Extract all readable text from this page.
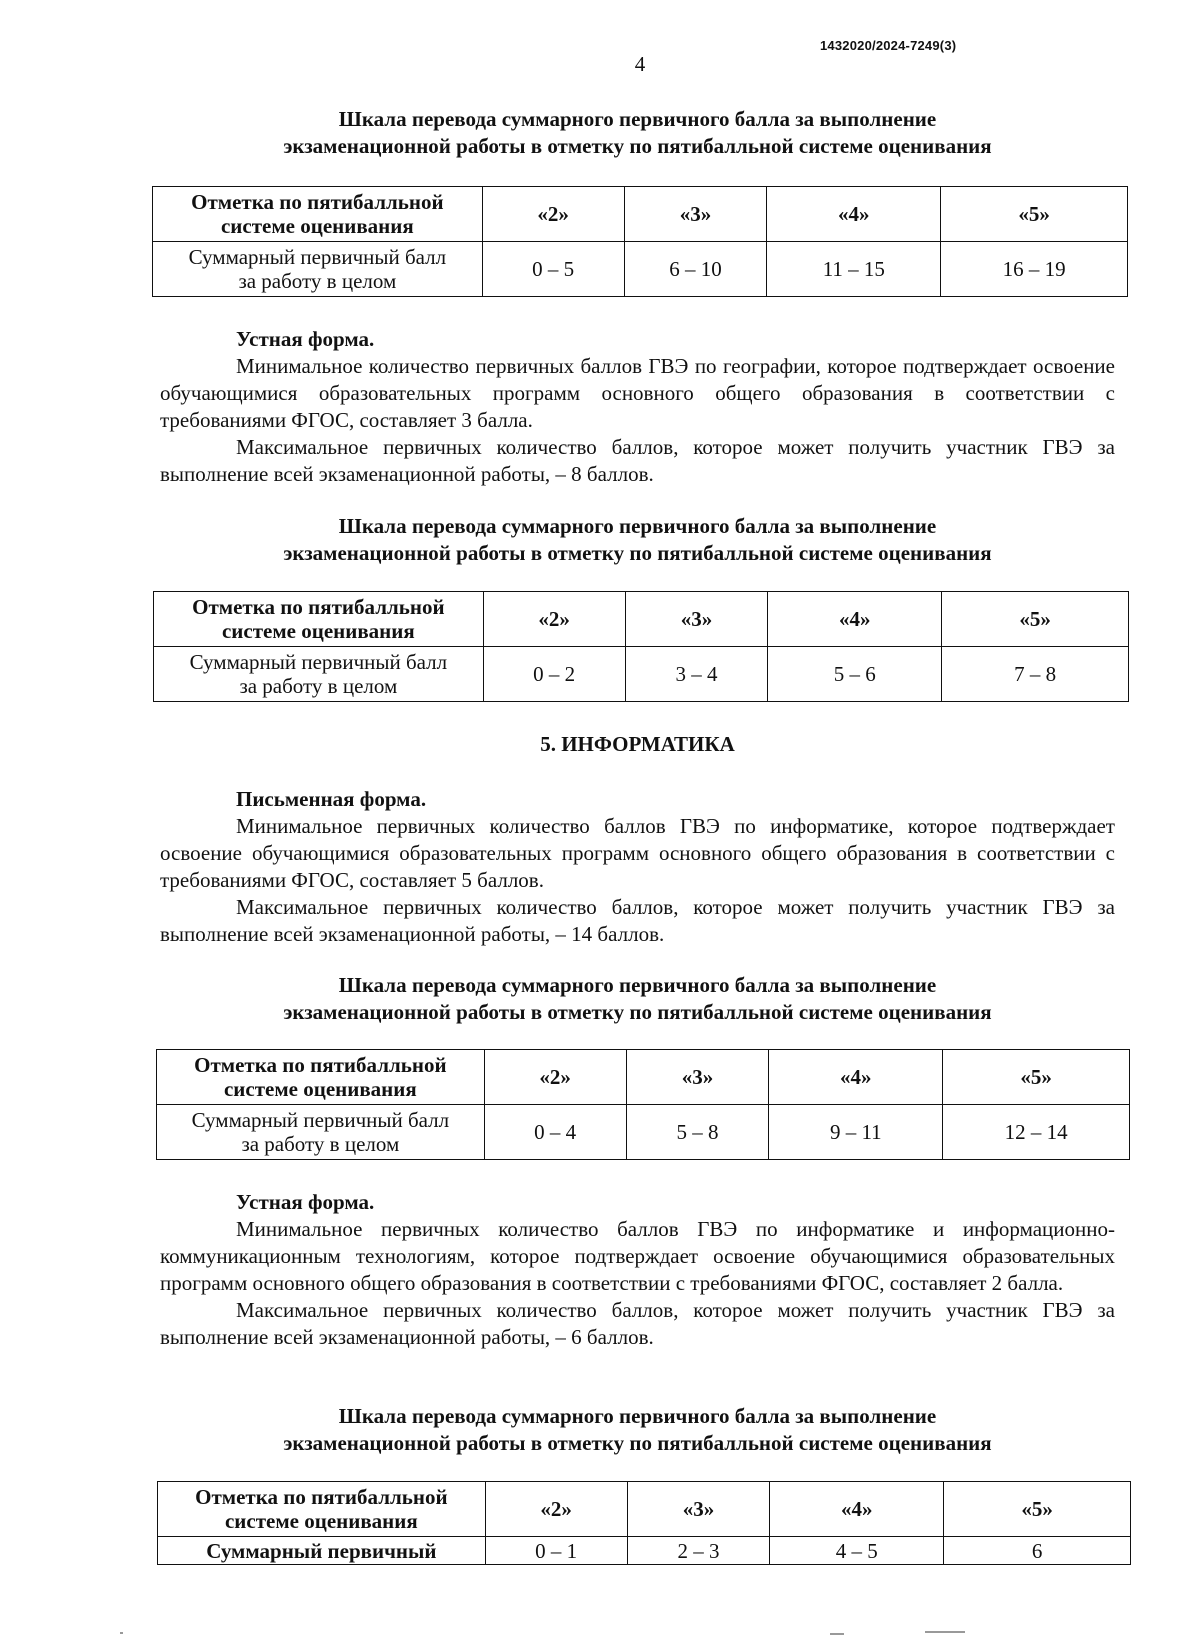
1432020/2024-7249(3)
4
Шкала перевода суммарного первичного балла за выполнение
экзаменационной работы в отметку по пятибалльной системе оценивания
Отметка по пятибалльной
системе оценивания	«2»	«3»	«4»	«5»
Суммарный первичный балл
за работу в целом	0 – 5	6 – 10	11 – 15	16 – 19
Устная форма.
Минимальное количество первичных баллов ГВЭ по географии, которое подтверждает освоение обучающимися образовательных программ основного общего образования в соответствии с требованиями ФГОС, составляет 3 балла.
Максимальное первичных количество баллов, которое может получить участник ГВЭ за выполнение всей экзаменационной работы, – 8 баллов.
Шкала перевода суммарного первичного балла за выполнение
экзаменационной работы в отметку по пятибалльной системе оценивания
Отметка по пятибалльной
системе оценивания	«2»	«3»	«4»	«5»
Суммарный первичный балл
за работу в целом	0 – 2	3 – 4	5 – 6	7 – 8
5. ИНФОРМАТИКА
Письменная форма.
Минимальное первичных количество баллов ГВЭ по информатике, которое подтверждает освоение обучающимися образовательных программ основного общего образования в соответствии с требованиями ФГОС, составляет 5 баллов.
Максимальное первичных количество баллов, которое может получить участник ГВЭ за выполнение всей экзаменационной работы, – 14 баллов.
Шкала перевода суммарного первичного балла за выполнение
экзаменационной работы в отметку по пятибалльной системе оценивания
Отметка по пятибалльной
системе оценивания	«2»	«3»	«4»	«5»
Суммарный первичный балл
за работу в целом	0 – 4	5 – 8	9 – 11	12 – 14
Устная форма.
Минимальное первичных количество баллов ГВЭ по информатике и информационно-коммуникационным технологиям, которое подтверждает освоение обучающимися образовательных программ основного общего образования в соответствии с требованиями ФГОС, составляет 2 балла.
Максимальное первичных количество баллов, которое может получить участник ГВЭ за выполнение всей экзаменационной работы, – 6 баллов.
Шкала перевода суммарного первичного балла за выполнение
экзаменационной работы в отметку по пятибалльной системе оценивания
Отметка по пятибалльной
системе оценивания	«2»	«3»	«4»	«5»
Суммарный первичный	0 – 1	2 – 3	4 – 5	6
